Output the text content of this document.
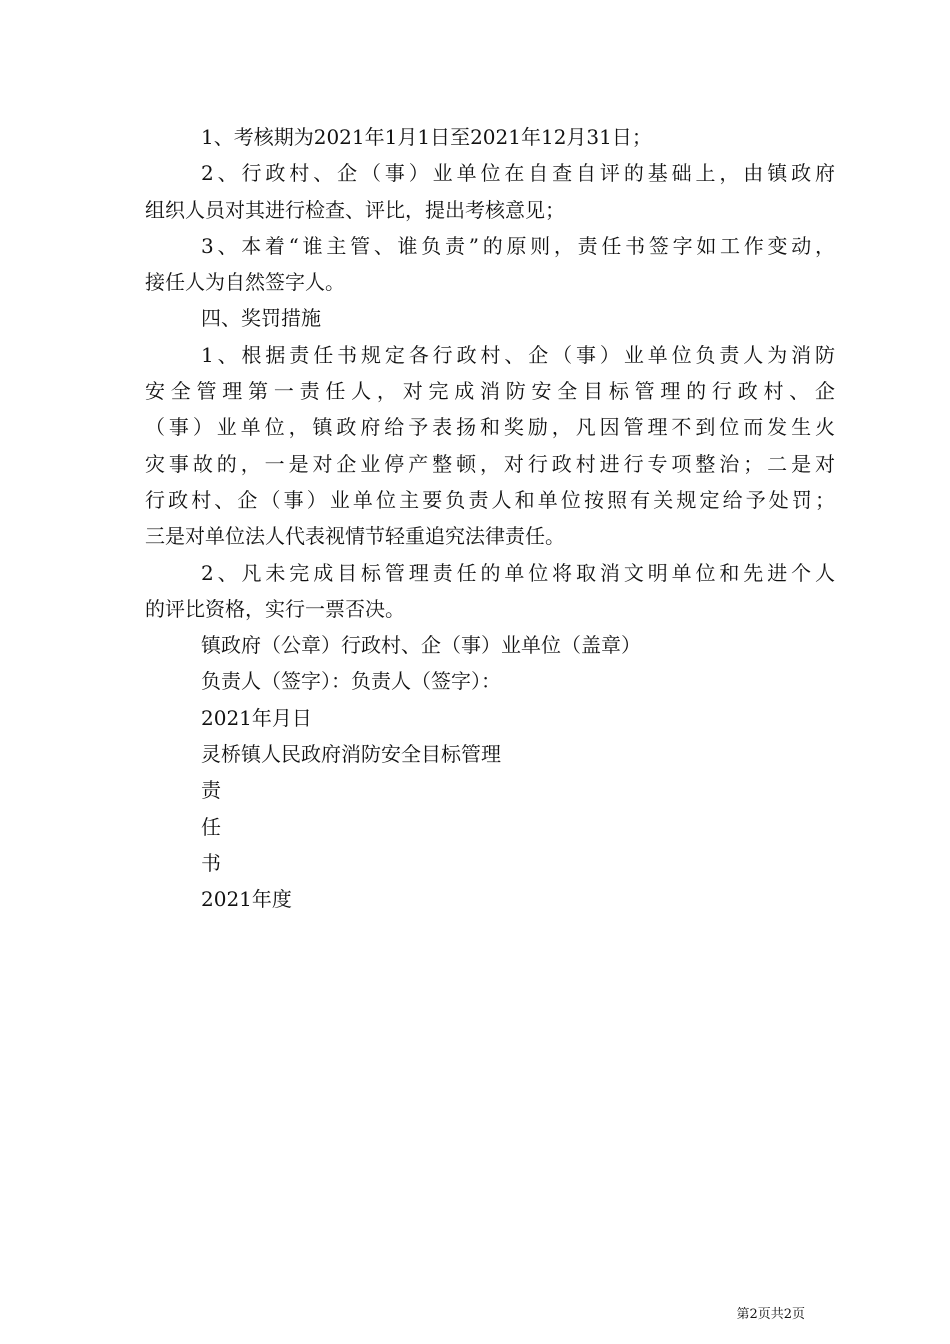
1、考核期为2021年1月1日至2021年12月31日；
2、行政村、企（事）业单位在自查自评的基础上，由镇政府
组织人员对其进行检查、评比，提出考核意见；
3、本着“谁主管、谁负责”的原则，责任书签字如工作变动，
接任人为自然签字人。
四、奖罚措施
1、根据责任书规定各行政村、企（事）业单位负责人为消防
安全管理第一责任人，对完成消防安全目标管理的行政村、企
（事）业单位，镇政府给予表扬和奖励，凡因管理不到位而发生火
灾事故的，一是对企业停产整顿，对行政村进行专项整治；二是对
行政村、企（事）业单位主要负责人和单位按照有关规定给予处罚；
三是对单位法人代表视情节轻重追究法律责任。
2、凡未完成目标管理责任的单位将取消文明单位和先进个人
的评比资格，实行一票否决。
镇政府（公章）行政村、企（事）业单位（盖章）
负责人（签字）：负责人（签字）：
2021年月日
灵桥镇人民政府消防安全目标管理
责
任
书
2021年度
第2页共2页
